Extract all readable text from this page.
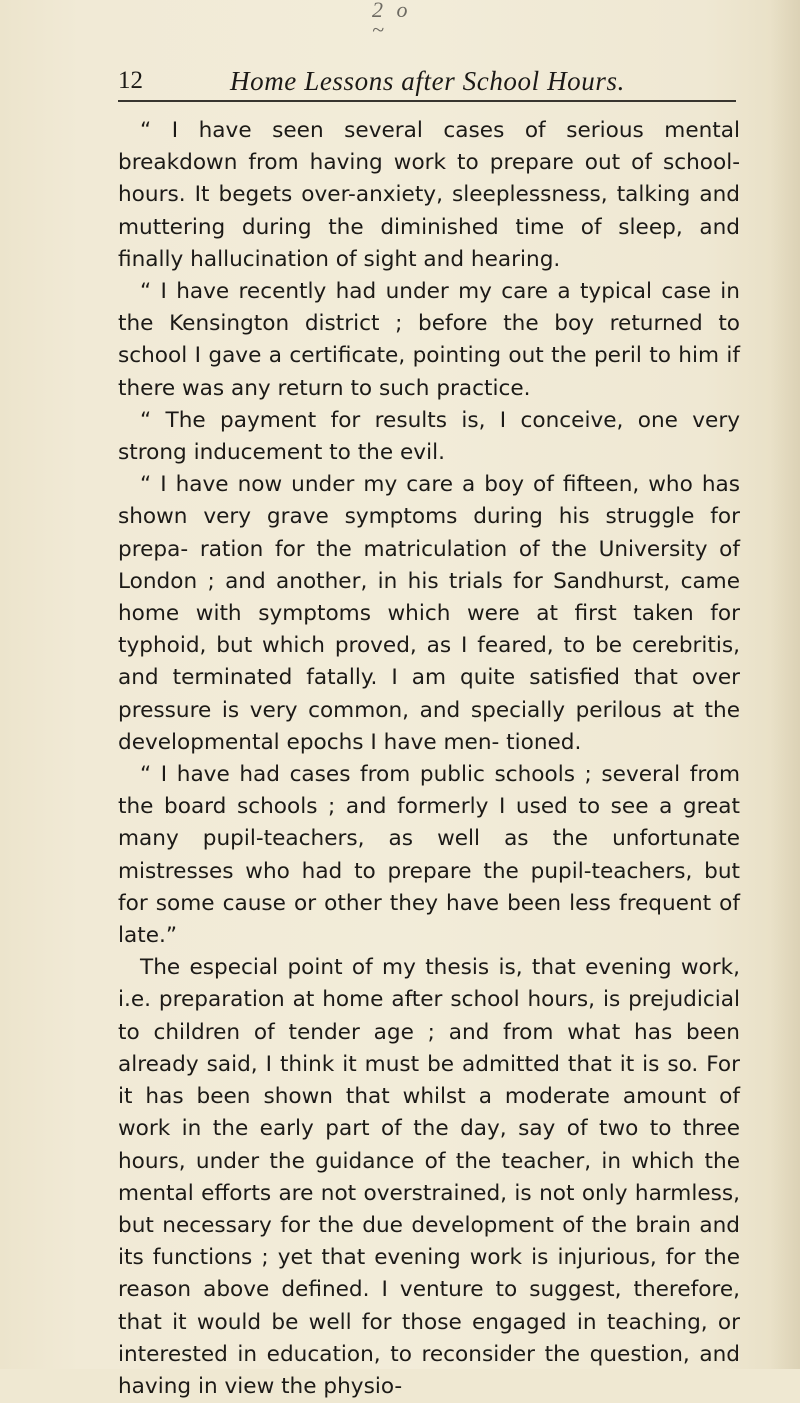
2 o ~
12	Home Lessons after School Hours.

“ I have seen several cases of serious mental breakdown from having work to prepare out of school-hours. It begets over-anxiety, sleeplessness, talking and muttering during the diminished time of sleep, and finally hallucination of sight and hearing.

“ I have recently had under my care a typical case in the Kensington district ; before the boy returned to school I gave a certificate, pointing out the peril to him if there was any return to such practice.

“ The payment for results is, I conceive, one very strong inducement to the evil.

“ I have now under my care a boy of fifteen, who has shown very grave symptoms during his struggle for prepa- ration for the matriculation of the University of London ; and another, in his trials for Sandhurst, came home with symptoms which were at first taken for typhoid, but which proved, as I feared, to be cerebritis, and terminated fatally. I am quite satisfied that over pressure is very common, and specially perilous at the developmental epochs I have men- tioned.

“ I have had cases from public schools ; several from the board schools ; and formerly I used to see a great many pupil-teachers, as well as the unfortunate mistresses who had to prepare the pupil-teachers, but for some cause or other they have been less frequent of late.”

The especial point of my thesis is, that evening work, i.e. preparation at home after school hours, is prejudicial to children of tender age ; and from what has been already said, I think it must be admitted that it is so. For it has been shown that whilst a moderate amount of work in the early part of the day, say of two to three hours, under the guidance of the teacher, in which the mental efforts are not overstrained, is not only harmless, but necessary for the due development of the brain and its functions ; yet that evening work is injurious, for the reason above defined. I venture to suggest, therefore, that it would be well for those engaged in teaching, or interested in education, to reconsider the question, and having in view the physio-
